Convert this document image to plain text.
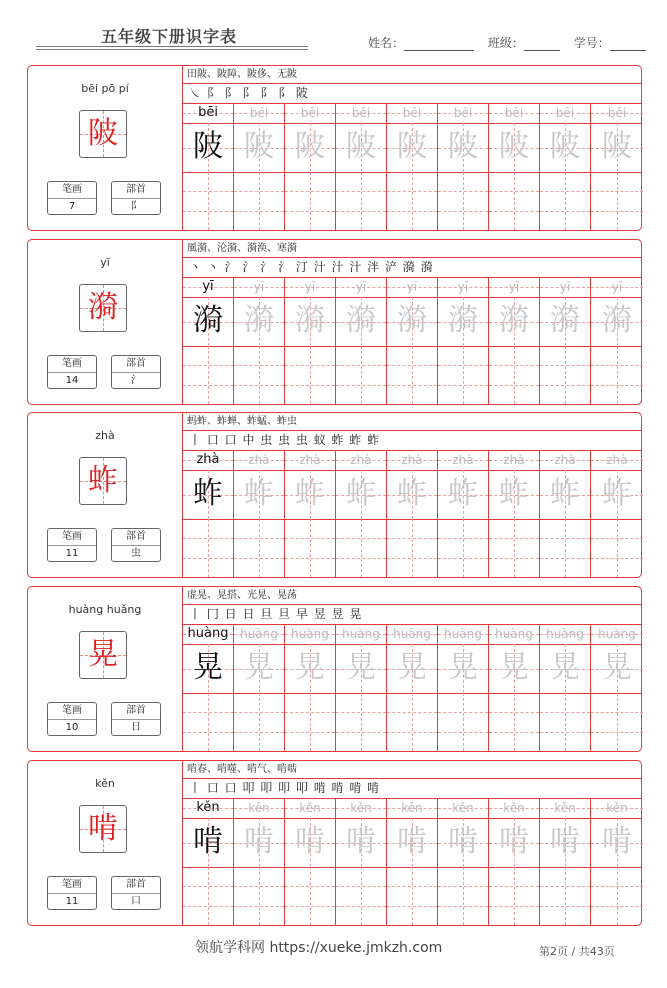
五年级下册识字表	姓名：	班级：	学号：
bēi pō pí
陂
笔画
7
部首
阝
田陂、陂障、陂侈、无陂
㇏ ⻖ ⻖ ⻖ 阝 阝 陂
bēi	bēi	bēi	bēi	bēi	bēi	bēi	bēi	bēi
陂 陂 陂 陂 陂 陂 陂 陂 陂
yī
漪
笔画
14
部首
氵
風漪、沦漪、漪涣、寒漪
丶 丶 氵 氵 氵 氵 汀 汁 汁 汁 泮 浐 漪 漪
yī	yī	yī	yī	yī	yī	yī	yī	yī
漪 漪 漪 漪 漪 漪 漪 漪 漪
zhà
蚱
笔画
11
部首
虫
蚂蚱、蚱蝉、蚱蜢、蚱虫
丨 口 口 中 虫 虫 虫 蚁 蚱 蚱 蚱
zhà	zhà	zhà	zhà	zhà	zhà	zhà	zhà	zhà
蚱 蚱 蚱 蚱 蚱 蚱 蚱 蚱 蚱
huàng huǎng
晃
笔画
10
部首
日
虚晃、晃搭、光晃、晃荡
丨 冂 日 日 旦 旦 早 昱 昱 晃
huàng huàng	huàng	huàng	huàng	huàng	huàng	huàng	huàng
晃 晃 晃 晃 晃 晃 晃 晃 晃
kěn
啃
笔画
11
部首
口
啃春、啃噬、啃气、啃啮
丨 口 口 叩 叩 叩 叩 啃 啃 啃 啃
kěn	kěn	kěn	kěn	kěn	kěn	kěn	kěn	kěn
啃 啃 啃 啃 啃 啃 啃 啃 啃
领航学科网 https://xueke.jmkzh.com	第2页 / 共43页
